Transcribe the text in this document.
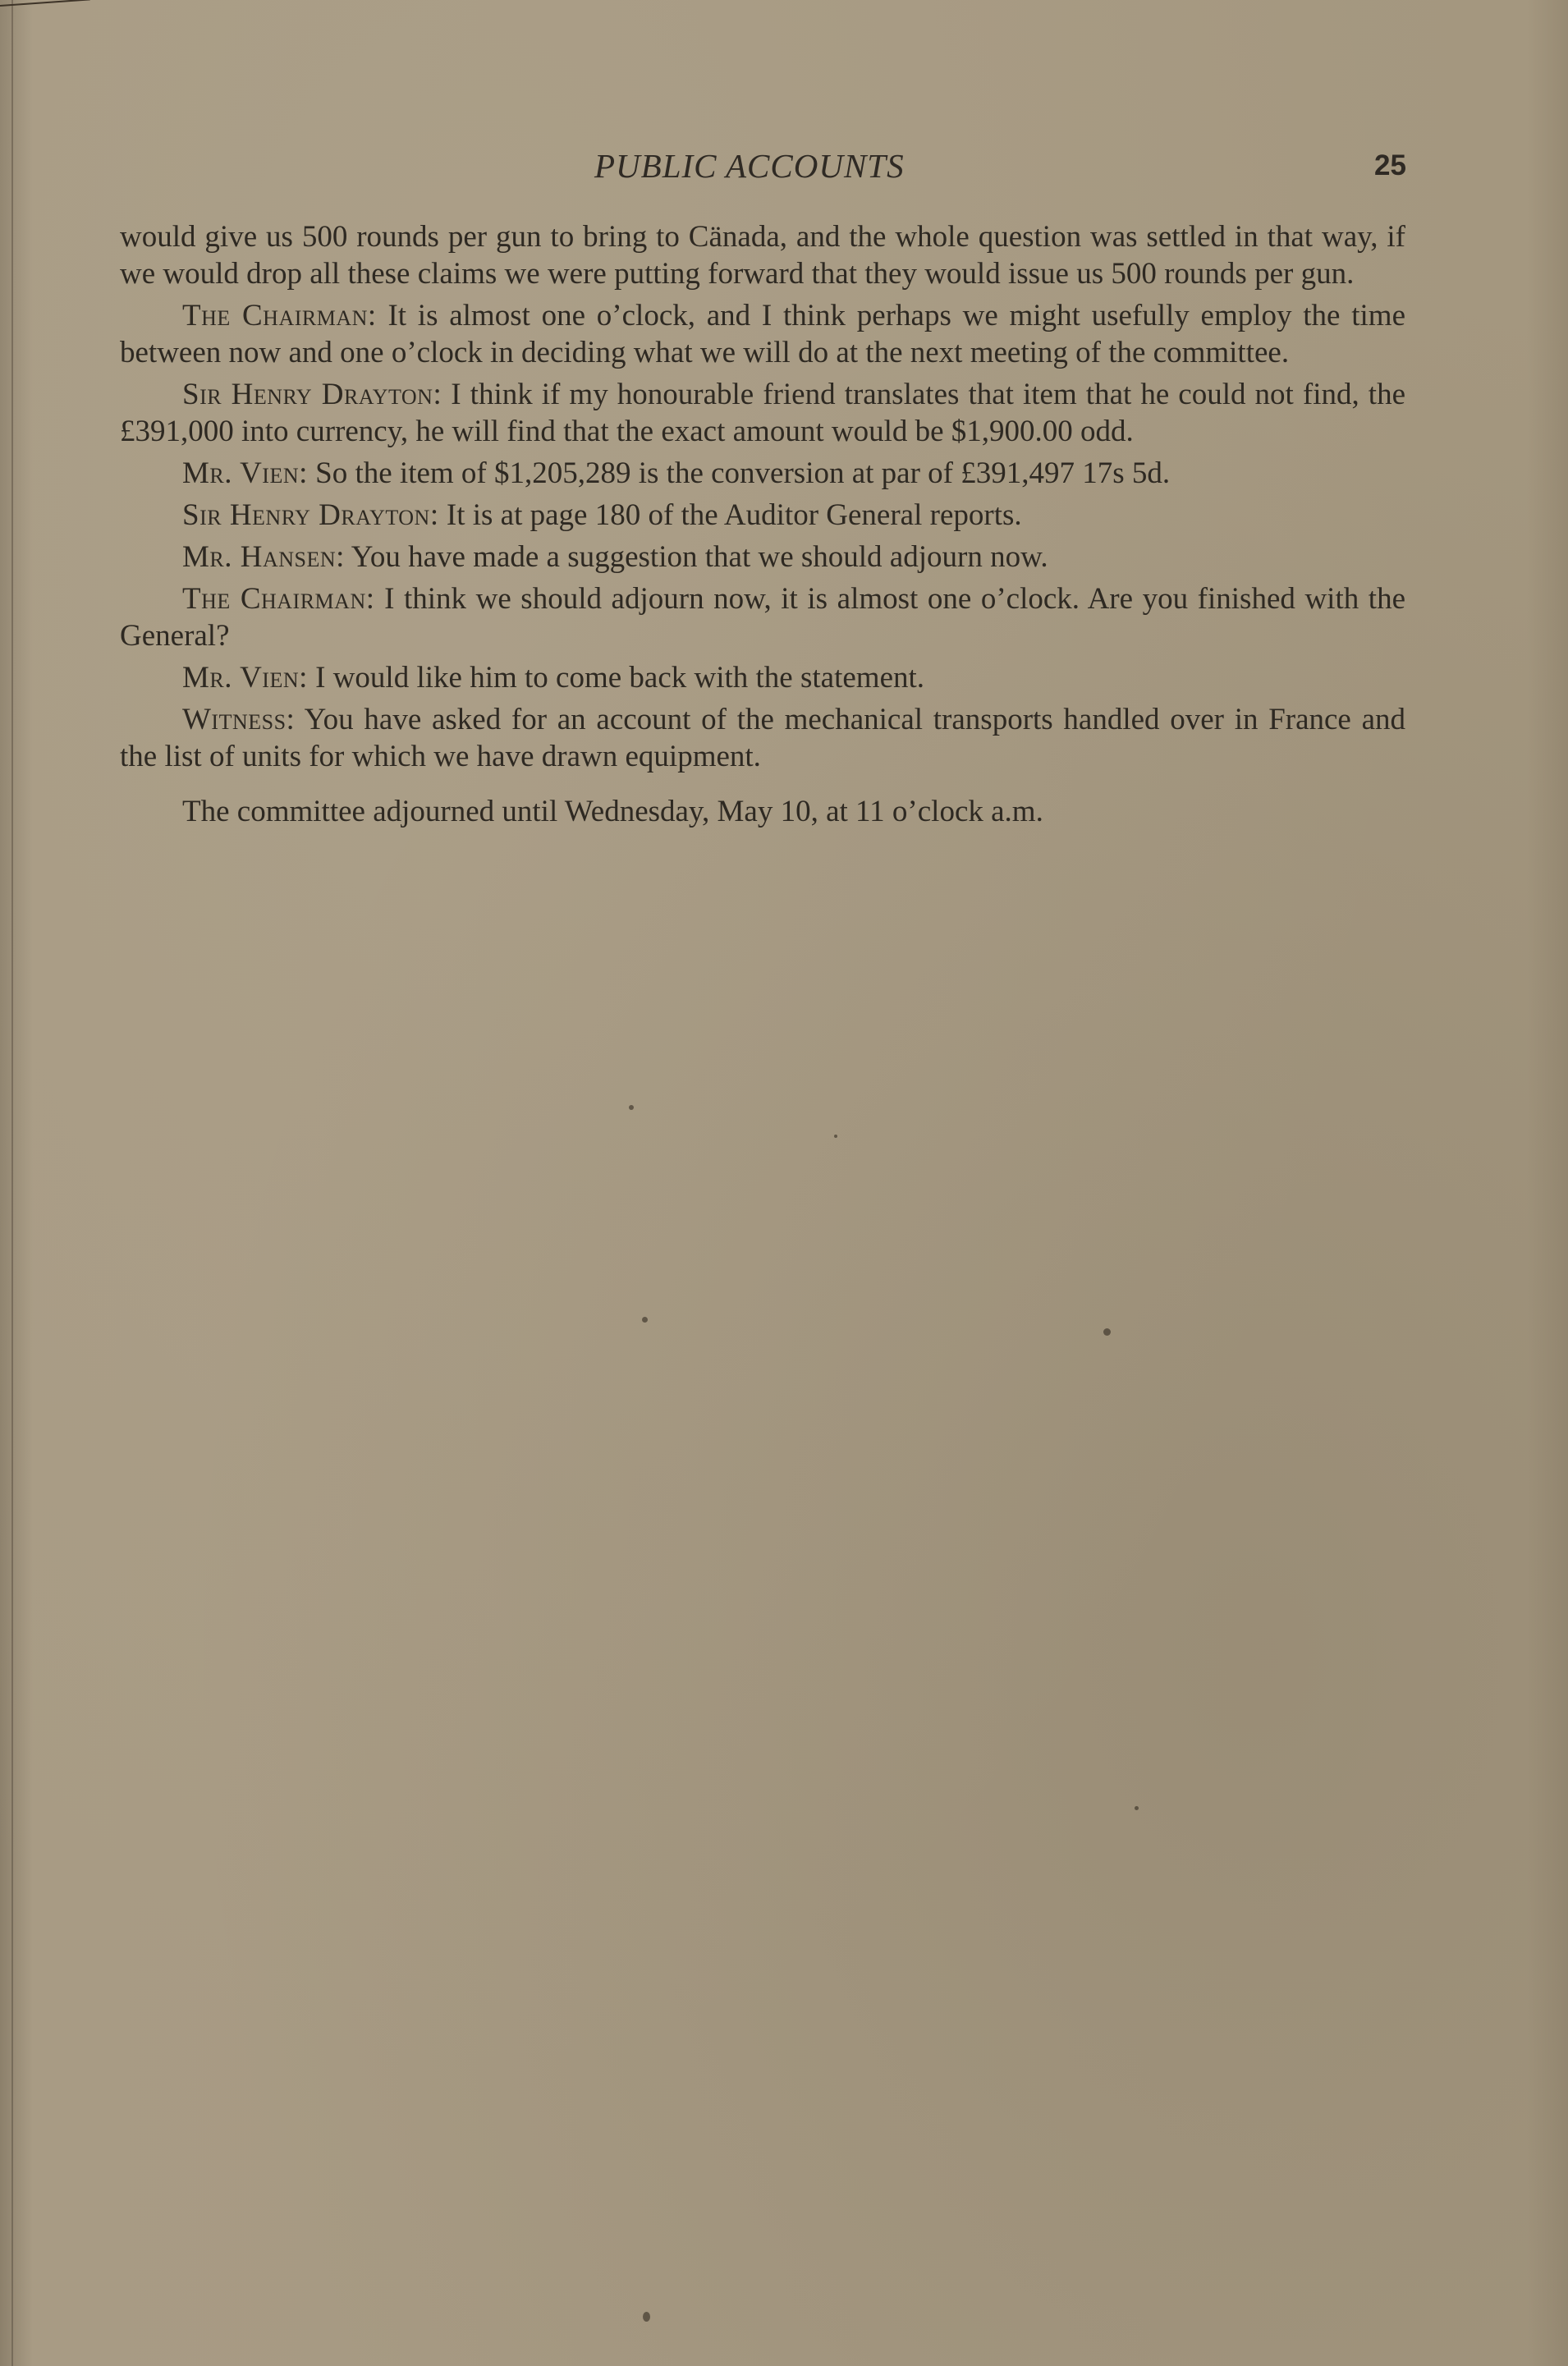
PUBLIC ACCOUNTS	25

would give us 500 rounds per gun to bring to Cänada, and the whole question was settled in that way, if we would drop all these claims we were putting forward that they would issue us 500 rounds per gun.

The Chairman: It is almost one o’clock, and I think perhaps we might usefully employ the time between now and one o’clock in deciding what we will do at the next meeting of the committee.

Sir Henry Drayton: I think if my honourable friend translates that item that he could not find, the £391,000 into currency, he will find that the exact amount would be $1,900.00 odd.

Mr. Vien: So the item of $1,205,289 is the conversion at par of £391,497 17s 5d.

Sir Henry Drayton: It is at page 180 of the Auditor General reports.

Mr. Hansen: You have made a suggestion that we should adjourn now.

The Chairman: I think we should adjourn now, it is almost one o’clock. Are you finished with the General?

Mr. Vien: I would like him to come back with the statement.

Witness: You have asked for an account of the mechanical transports handled over in France and the list of units for which we have drawn equipment.

The committee adjourned until Wednesday, May 10, at 11 o’clock a.m.
